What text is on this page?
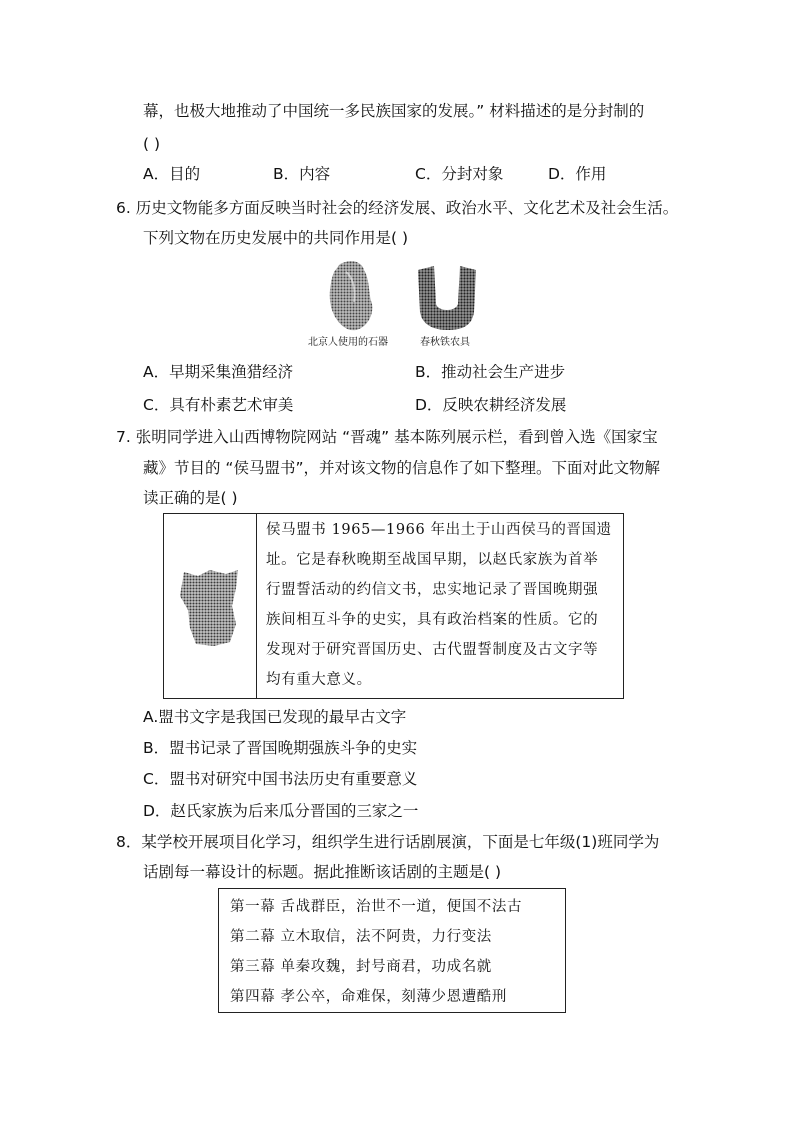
幕，也极大地推动了中国统一多民族国家的发展。” 材料描述的是分封制的
( )
A．目的	B．内容	C．分封对象	D．作用
6. 历史文物能多方面反映当时社会的经济发展、政治水平、文化艺术及社会生活。
下列文物在历史发展中的共同作用是( )
北京人使用的石器	春秋铁农具
A．早期采集渔猎经济	B．推动社会生产进步
C．具有朴素艺术审美	D．反映农耕经济发展
7. 张明同学进入山西博物院网站 “晋魂” 基本陈列展示栏，看到曾入选《国家宝
藏》节目的 “侯马盟书”，并对该文物的信息作了如下整理。下面对此文物解
读正确的是( )
侯马盟书 1965—1966 年出土于山西侯马的晋国遗
址。它是春秋晚期至战国早期，以赵氏家族为首举
行盟誓活动的约信文书，忠实地记录了晋国晚期强
族间相互斗争的史实，具有政治档案的性质。它的
发现对于研究晋国历史、古代盟誓制度及古文字等
均有重大意义。
A.盟书文字是我国已发现的最早古文字
B．盟书记录了晋国晚期强族斗争的史实
C．盟书对研究中国书法历史有重要意义
D．赵氏家族为后来瓜分晋国的三家之一
8．某学校开展项目化学习，组织学生进行话剧展演，下面是七年级(1)班同学为
话剧每一幕设计的标题。据此推断该话剧的主题是( )
第一幕 舌战群臣，治世不一道，便国不法古
第二幕 立木取信，法不阿贵，力行变法
第三幕 单秦攻魏，封号商君，功成名就
第四幕 孝公卒，命难保，刻薄少恩遭酷刑
